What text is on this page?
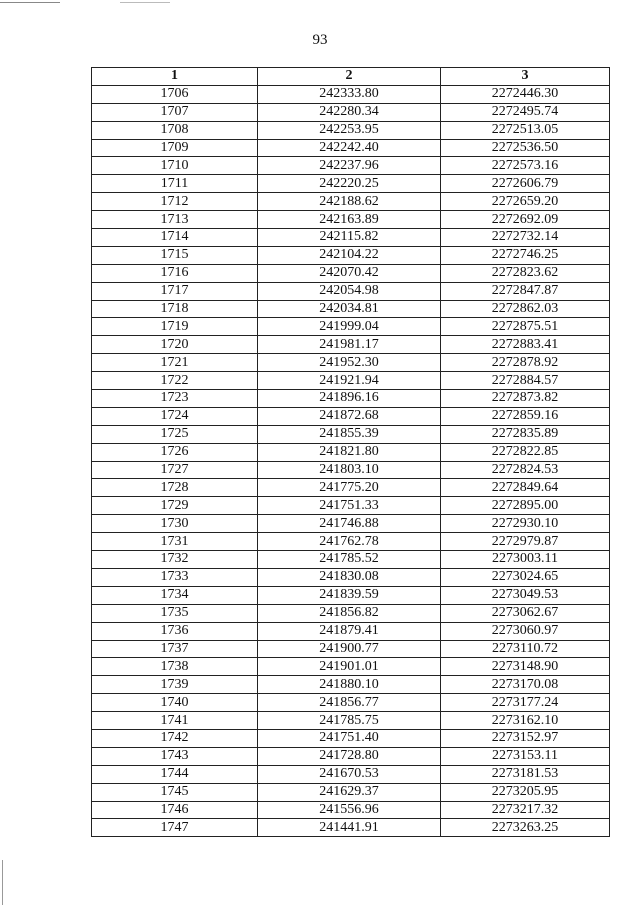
93
1	2	3
1706	242333.80	2272446.30
1707	242280.34	2272495.74
1708	242253.95	2272513.05
1709	242242.40	2272536.50
1710	242237.96	2272573.16
1711	242220.25	2272606.79
1712	242188.62	2272659.20
1713	242163.89	2272692.09
1714	242115.82	2272732.14
1715	242104.22	2272746.25
1716	242070.42	2272823.62
1717	242054.98	2272847.87
1718	242034.81	2272862.03
1719	241999.04	2272875.51
1720	241981.17	2272883.41
1721	241952.30	2272878.92
1722	241921.94	2272884.57
1723	241896.16	2272873.82
1724	241872.68	2272859.16
1725	241855.39	2272835.89
1726	241821.80	2272822.85
1727	241803.10	2272824.53
1728	241775.20	2272849.64
1729	241751.33	2272895.00
1730	241746.88	2272930.10
1731	241762.78	2272979.87
1732	241785.52	2273003.11
1733	241830.08	2273024.65
1734	241839.59	2273049.53
1735	241856.82	2273062.67
1736	241879.41	2273060.97
1737	241900.77	2273110.72
1738	241901.01	2273148.90
1739	241880.10	2273170.08
1740	241856.77	2273177.24
1741	241785.75	2273162.10
1742	241751.40	2273152.97
1743	241728.80	2273153.11
1744	241670.53	2273181.53
1745	241629.37	2273205.95
1746	241556.96	2273217.32
1747	241441.91	2273263.25
